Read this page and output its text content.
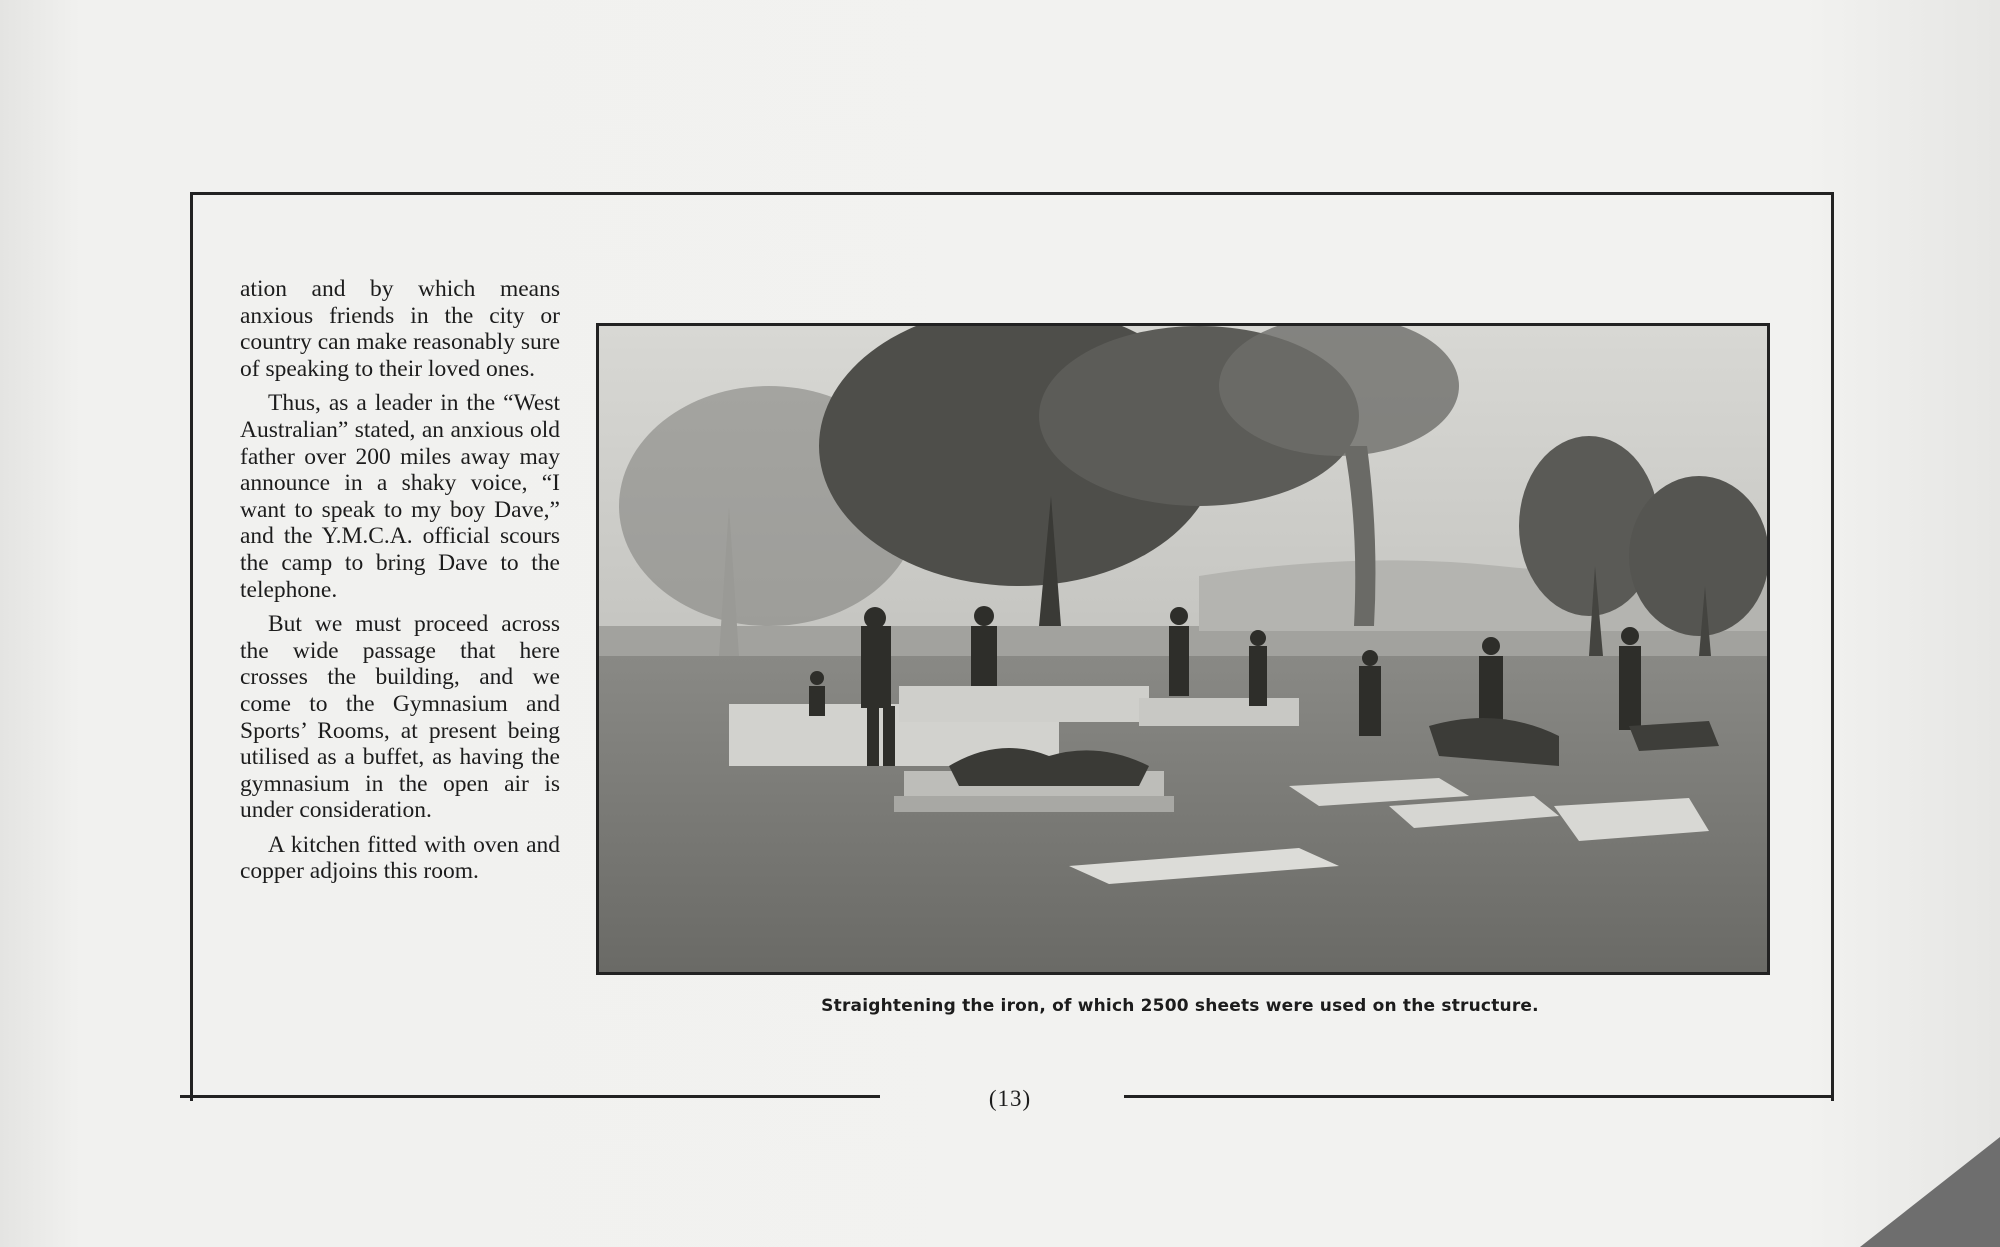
ation and by which means anxious friends in the city or country can make reasonably sure of speaking to their loved ones.

Thus, as a leader in the “West Australian” stated, an anxious old father over 200 miles away may announce in a shaky voice, “I want to speak to my boy Dave,” and the Y.M.C.A. official scours the camp to bring Dave to the telephone.

But we must proceed across the wide passage that here crosses the building, and we come to the Gymnasium and Sports’ Rooms, at present being utilised as a buffet, as having the gymnasium in the open air is under consideration.

A kitchen fitted with oven and copper adjoins this room.

Straightening the iron, of which 2500 sheets were used on the structure.
(13)
